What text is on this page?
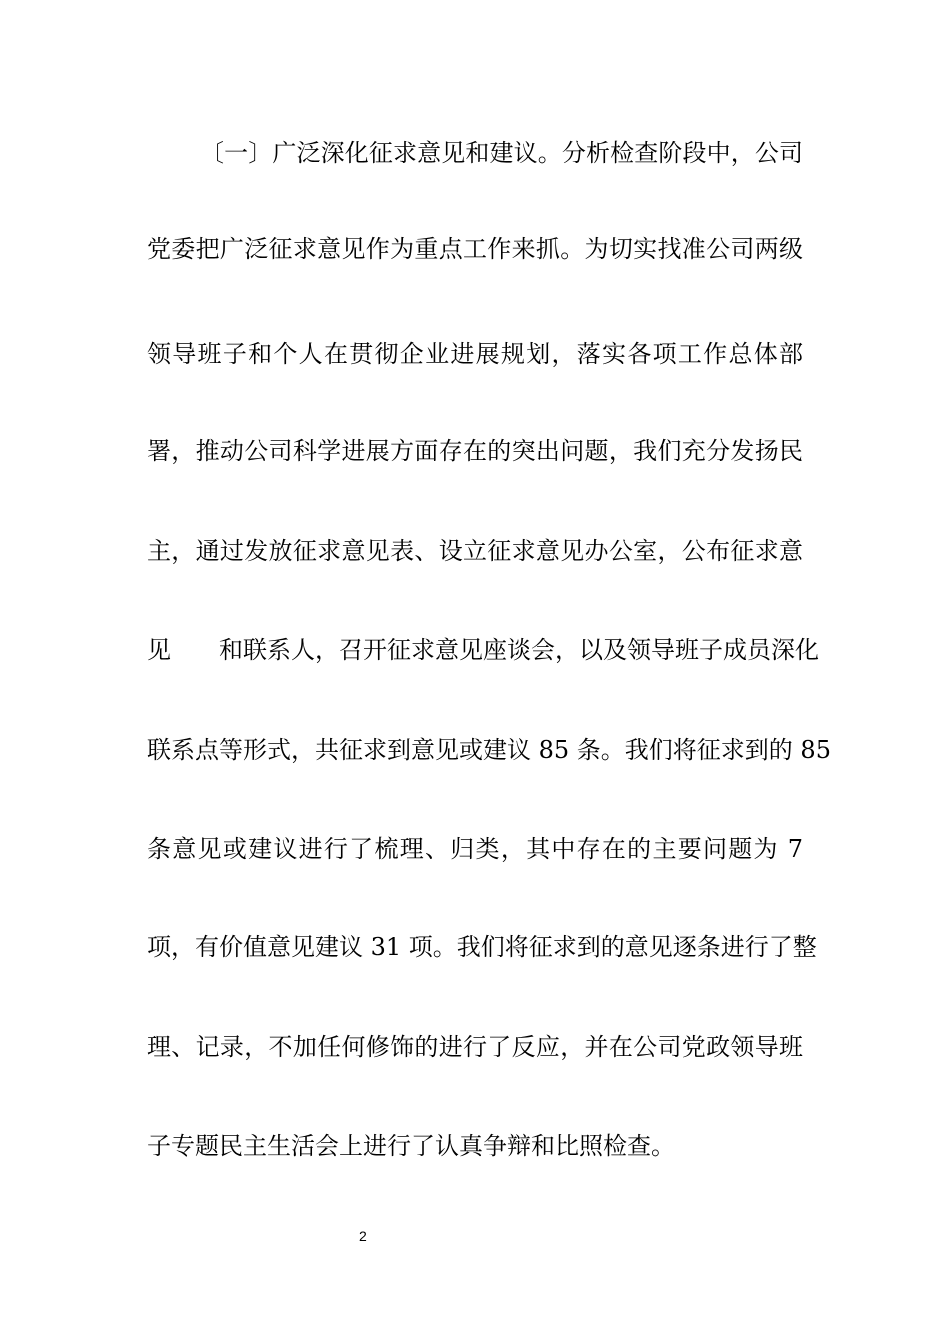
〔一〕广泛深化征求意见和建议。分析检查阶段中，公司
党委把广泛征求意见作为重点工作来抓。为切实找准公司两级
领导班子和个人在贯彻企业进展规划，落实各项工作总体部
署，推动公司科学进展方面存在的突出问题，我们充分发扬民
主，通过发放征求意见表、设立征求意见办公室，公布征求意
见　　和联系人，召开征求意见座谈会，以及领导班子成员深化
联系点等形式，共征求到意见或建议 85 条。我们将征求到的 85
条意见或建议进行了梳理、归类，其中存在的主要问题为 7
项，有价值意见建议 31 项。我们将征求到的意见逐条进行了整
理、记录，不加任何修饰的进行了反应，并在公司党政领导班
子专题民主生活会上进行了认真争辩和比照检查。
2
